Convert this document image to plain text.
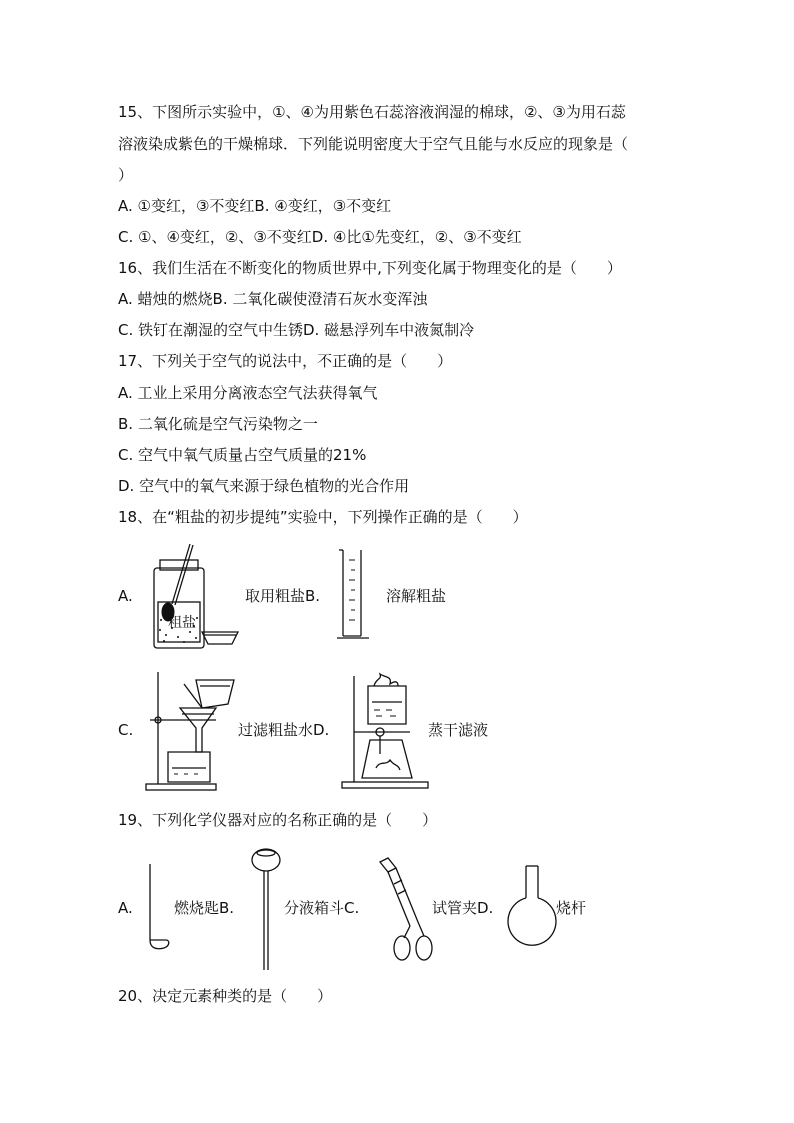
15、下图所示实验中，①、④为用紫色石蕊溶液润湿的棉球，②、③为用石蕊
溶液染成紫色的干燥棉球．下列能说明密度大于空气且能与水反应的现象是（
）
A. ①变红，③不变红B. ④变红，③不变红
C. ①、④变红，②、③不变红D. ④比①先变红，②、③不变红
16、我们生活在不断变化的物质世界中,下列变化属于物理变化的是（　　）
A. 蜡烛的燃烧B. 二氧化碳使澄清石灰水变浑浊
C. 铁钉在潮湿的空气中生锈D. 磁悬浮列车中液氮制冷
17、下列关于空气的说法中，不正确的是（　　）
A. 工业上采用分离液态空气法获得氧气
B. 二氧化硫是空气污染物之一
C. 空气中氧气质量占空气质量的21%
D. 空气中的氧气来源于绿色植物的光合作用
18、在“粗盐的初步提纯”实验中，下列操作正确的是（　　）
A.
粗盐
取用粗盐B.	溶解粗盐
C.	过滤粗盐水D.	蒸干滤液
19、下列化学仪器对应的名称正确的是（　　）
A.	燃烧匙B.	分液箱斗C.	试管夹D.	烧杆
20、决定元素种类的是（　　）
